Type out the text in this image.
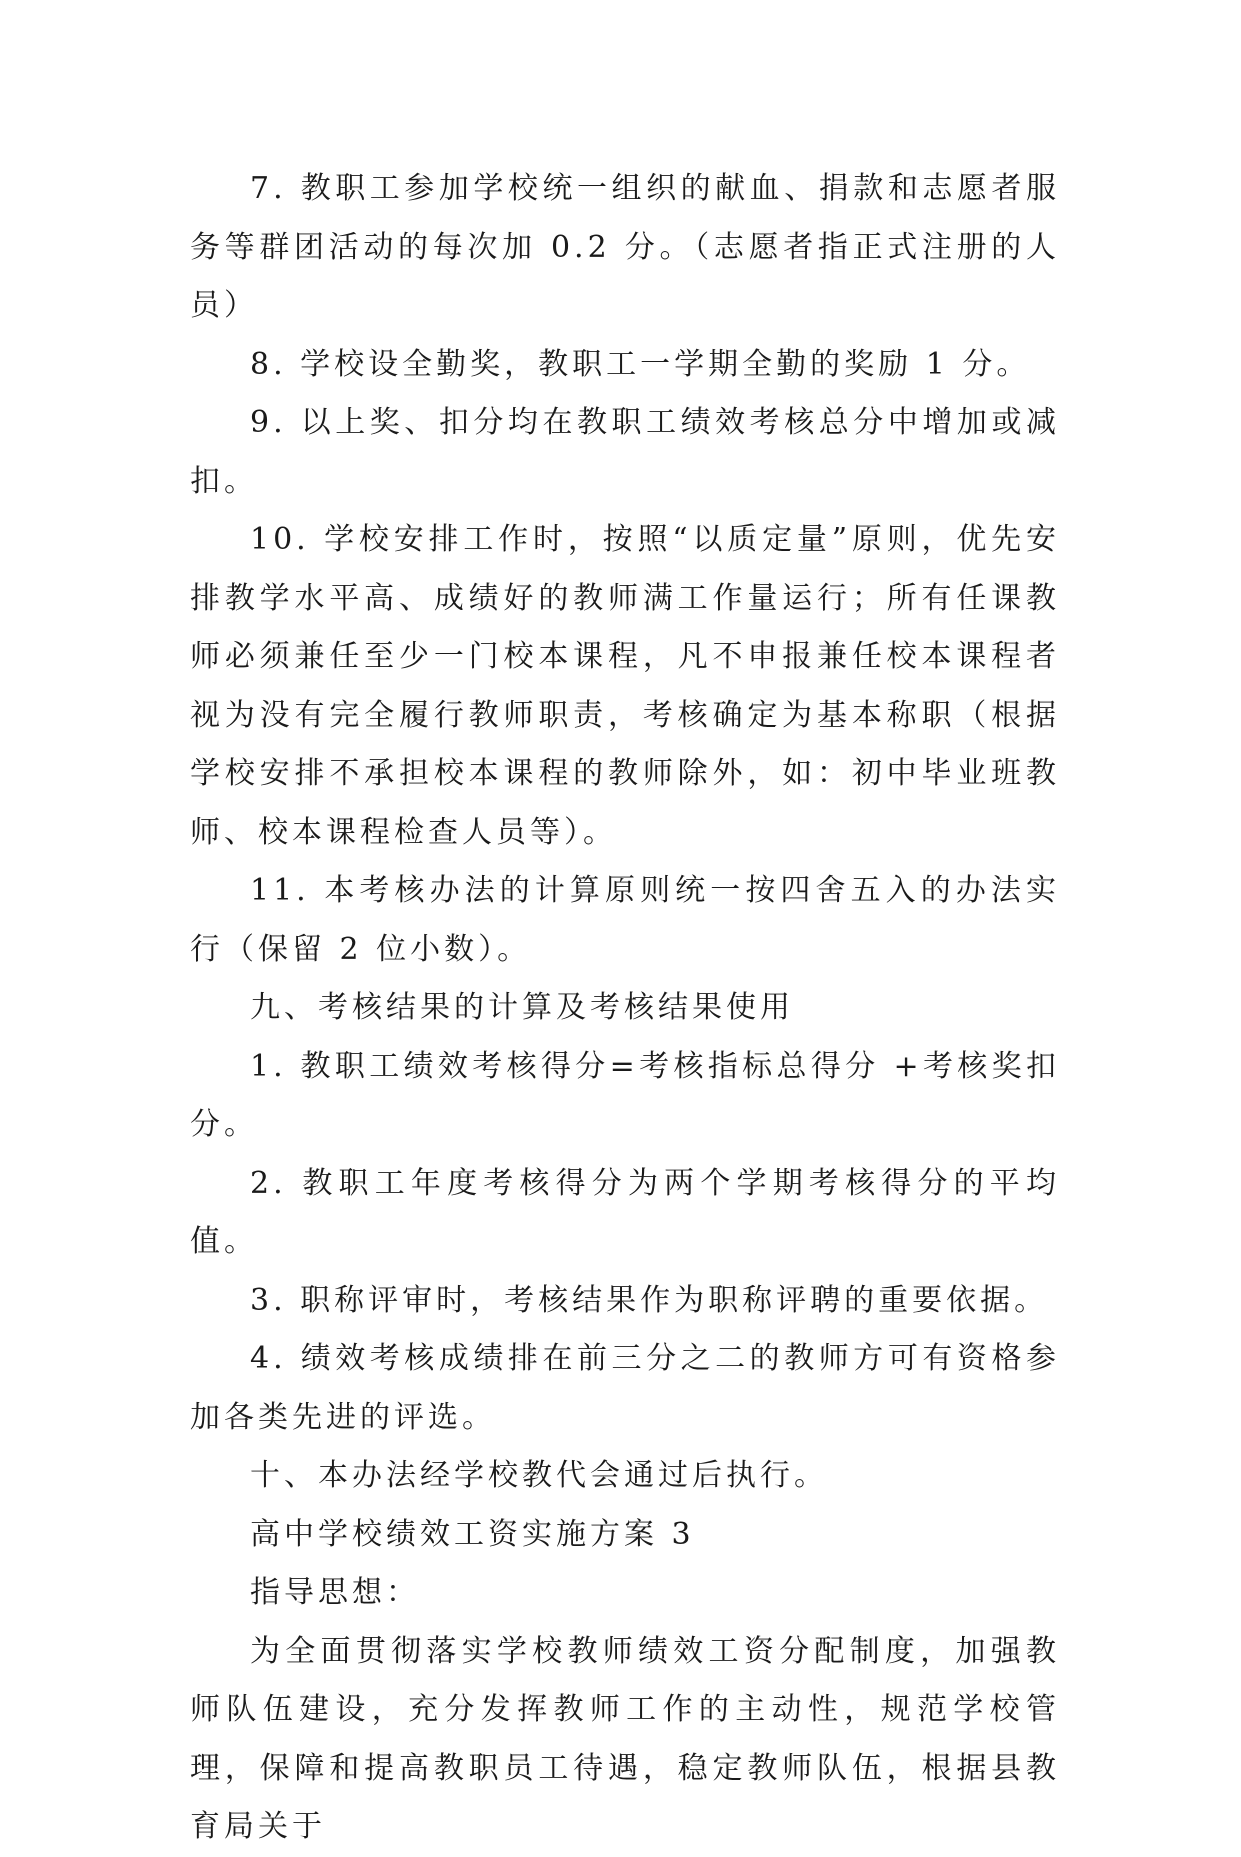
7. 教职工参加学校统一组织的献血、捐款和志愿者服务等群团活动的每次加 0.2 分。（志愿者指正式注册的人员）

8. 学校设全勤奖，教职工一学期全勤的奖励 1 分。

9. 以上奖、扣分均在教职工绩效考核总分中增加或减扣。

10. 学校安排工作时，按照“以质定量”原则，优先安排教学水平高、成绩好的教师满工作量运行；所有任课教师必须兼任至少一门校本课程，凡不申报兼任校本课程者视为没有完全履行教师职责，考核确定为基本称职（根据学校安排不承担校本课程的教师除外，如：初中毕业班教师、校本课程检查人员等）。

11. 本考核办法的计算原则统一按四舍五入的办法实行（保留 2 位小数）。

九、考核结果的计算及考核结果使用

1. 教职工绩效考核得分=考核指标总得分 +考核奖扣分。

2. 教职工年度考核得分为两个学期考核得分的平均值。

3. 职称评审时，考核结果作为职称评聘的重要依据。

4. 绩效考核成绩排在前三分之二的教师方可有资格参加各类先进的评选。

十、本办法经学校教代会通过后执行。

高中学校绩效工资实施方案 3

指导思想：

为全面贯彻落实学校教师绩效工资分配制度，加强教师队伍建设，充分发挥教师工作的主动性，规范学校管理，保障和提高教职员工待遇，稳定教师队伍，根据县教育局关于
